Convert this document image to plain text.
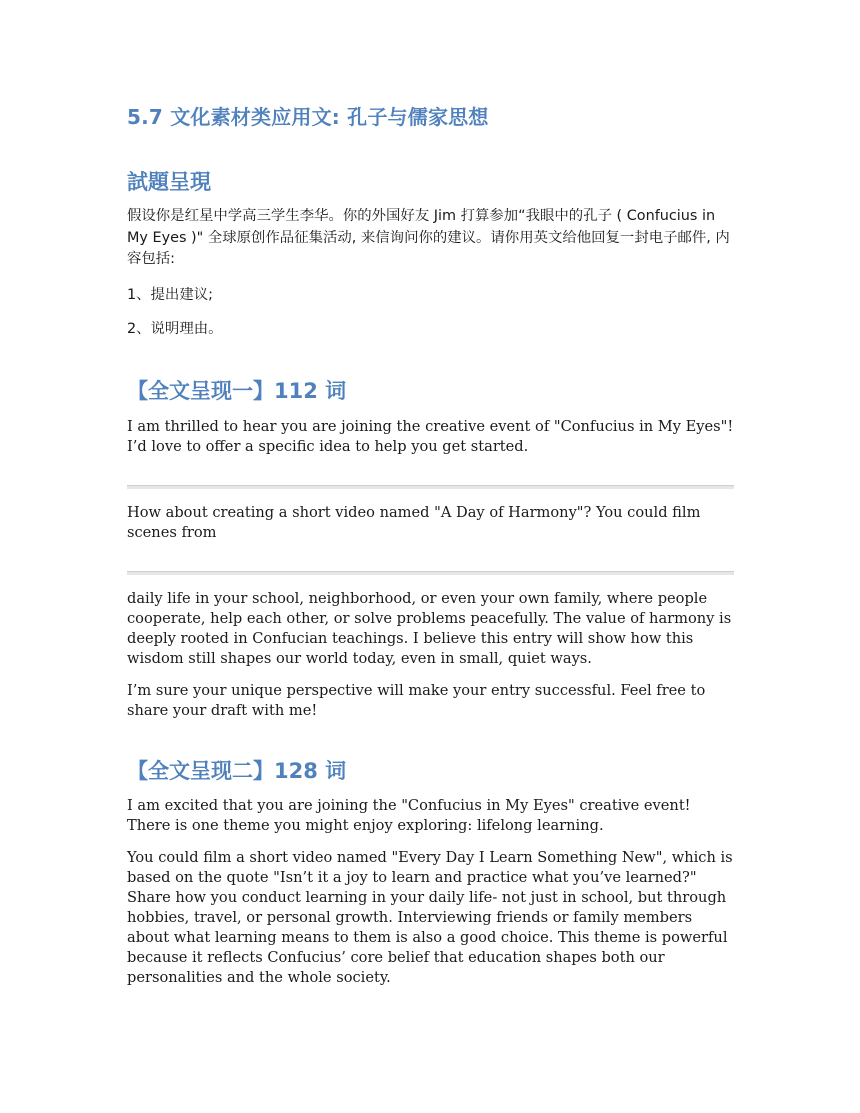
5.7 文化素材类应用文: 孔子与儒家思想
試題呈現

假设你是红星中学高三学生李华。你的外国好友 Jim 打算参加“我眼中的孔子 ( Confucius in My Eyes )" 全球原创作品征集活动, 来信询问你的建议。请你用英文给他回复一封电子邮件, 内容包括:

1、提出建议;

2、说明理由。

【全文呈现一】112 词

I am thrilled to hear you are joining the creative event of "Confucius in My Eyes"! I’d love to offer a specific idea to help you get started.

How about creating a short video named "A Day of Harmony"? You could film scenes from

daily life in your school, neighborhood, or even your own family, where people cooperate, help each other, or solve problems peacefully. The value of harmony is deeply rooted in Confucian teachings. I believe this entry will show how this wisdom still shapes our world today, even in small, quiet ways.

I’m sure your unique perspective will make your entry successful. Feel free to share your draft with me!

【全文呈现二】128 词

I am excited that you are joining the "Confucius in My Eyes" creative event! There is one theme you might enjoy exploring: lifelong learning.

You could film a short video named "Every Day I Learn Something New", which is based on the quote "Isn’t it a joy to learn and practice what you’ve learned?" Share how you conduct learning in your daily life- not just in school, but through hobbies, travel, or personal growth. Interviewing friends or family members about what learning means to them is also a good choice. This theme is powerful because it reflects Confucius’ core belief that education shapes both our personalities and the whole society.
